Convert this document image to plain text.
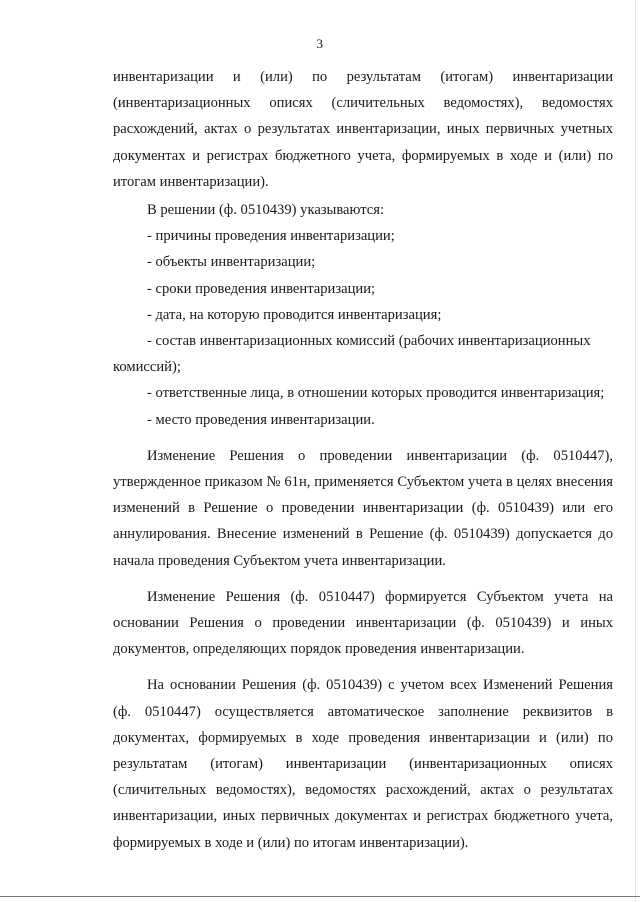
3

инвентаризации и (или) по результатам (итогам) инвентаризации (инвентаризационных описях (сличительных ведомостях), ведомостях расхождений, актах о результатах инвентаризации, иных первичных учетных документах и регистрах бюджетного учета, формируемых в ходе и (или) по итогам инвентаризации).

В решении (ф. 0510439) указываются:

- причины проведения инвентаризации;

- объекты инвентаризации;

- сроки проведения инвентаризации;

- дата, на которую проводится инвентаризация;

- состав инвентаризационных комиссий (рабочих инвентаризационных комиссий);

- ответственные лица, в отношении которых проводится инвентаризация;

- место проведения инвентаризации.

Изменение Решения о проведении инвентаризации (ф. 0510447), утвержденное приказом № 61н, применяется Субъектом учета в целях внесения изменений в Решение о проведении инвентаризации (ф. 0510439) или его аннулирования. Внесение изменений в Решение (ф. 0510439) допускается до начала проведения Субъектом учета инвентаризации.

Изменение Решения (ф. 0510447) формируется Субъектом учета на основании Решения о проведении инвентаризации (ф. 0510439) и иных документов, определяющих порядок проведения инвентаризации.

На основании Решения (ф. 0510439) с учетом всех Изменений Решения (ф. 0510447) осуществляется автоматическое заполнение реквизитов в документах, формируемых в ходе проведения инвентаризации и (или) по результатам (итогам) инвентаризации (инвентаризационных описях (сличительных ведомостях), ведомостях расхождений, актах о результатах инвентаризации, иных первичных документах и регистрах бюджетного учета, формируемых в ходе и (или) по итогам инвентаризации).
